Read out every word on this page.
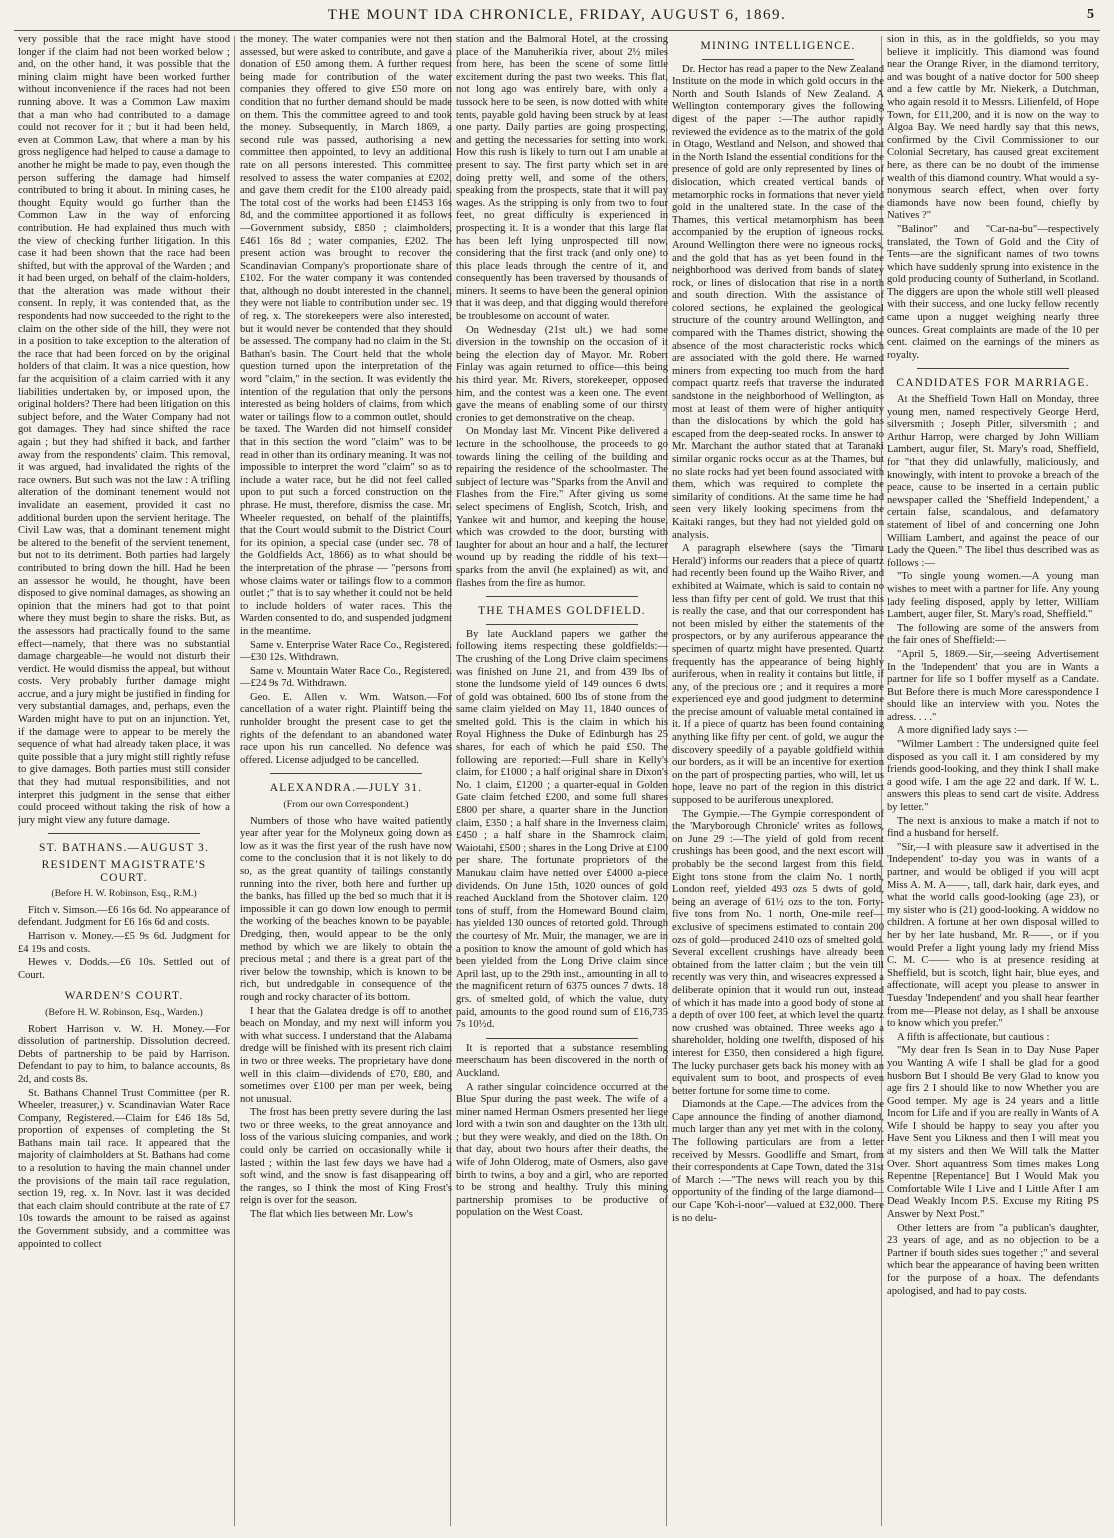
THE MOUNT IDA CHRONICLE, FRIDAY, AUGUST 6, 1869.	5

very possible that the race might have stood longer if the claim had not been worked below ; and, on the other hand, it was possible that the mining claim might have been worked further without inconvenience if the races had not been running above. It was a Common Law maxim that a man who had contributed to a damage could not recover for it ; but it had been held, even at Common Law, that where a man by his gross negligence had helped to cause a damage to another he might be made to pay, even though the person suffering the damage had himself contributed to bring it about. In mining cases, he thought Equity would go further than the Common Law in the way of enforcing contribution. He had explained thus much with the view of checking further litigation. In this case it had been shown that the race had been shifted, but with the approval of the Warden ; and it had been urged, on behalf of the claim-holders, that the alteration was made without their consent. In reply, it was contended that, as the respondents had now succeeded to the right to the claim on the other side of the hill, they were not in a position to take exception to the alteration of the race that had been forced on by the original holders of that claim. It was a nice question, how far the acquisition of a claim carried with it any liabilities undertaken by, or imposed upon, the original holders? There had been litigation on this subject before, and the Water Company had not got damages. They had since shifted the race again ; but they had shifted it back, and farther away from the respondents' claim. This removal, it was argued, had invalidated the rights of the race owners. But such was not the law : A trifling alteration of the dominant tenement would not invalidate an easement, provided it cast no additional burden upon the servient heritage. The Civil Law was, that a dominant tenement might be altered to the benefit of the servient tenement, but not to its detriment. Both parties had largely contributed to bring down the hill. Had he been an assessor he would, he thought, have been disposed to give nominal damages, as showing an opinion that the miners had got to that point where they must begin to share the risks. But, as the assessors had practically found to the same effect—namely, that there was no substantial damage chargeable—he would not disturb their verdict. He would dismiss the appeal, but without costs. Very probably further damage might accrue, and a jury might be justified in finding for very substantial damages, and, perhaps, even the Warden might have to put on an injunction. Yet, if the damage were to appear to be merely the sequence of what had already taken place, it was quite possible that a jury might still rightly refuse to give damages. Both parties must still consider that they had mutual responsibilities, and not interpret this judgment in the sense that either could proceed without taking the risk of how a jury might view any future damage.

ST. BATHANS.—AUGUST 3.
RESIDENT MAGISTRATE'S COURT.
(Before H. W. Robinson, Esq., R.M.)

Fitch v. Simson.—£6 16s 6d. No appearance of defendant. Judgment for £6 16s 6d and costs.

Harrison v. Money.—£5 9s 6d. Judgment for £4 19s and costs.

Hewes v. Dodds.—£6 10s. Settled out of Court.

WARDEN'S COURT.
(Before H. W. Robinson, Esq., Warden.)

Robert Harrison v. W. H. Money.—For dissolution of partnership. Dissolution decreed. Debts of partnership to be paid by Harrison. Defendant to pay to him, to balance accounts, 8s 2d, and costs 8s.

St. Bathans Channel Trust Committee (per R. Wheeler, treasurer,) v. Scandinavian Water Race Company, Registered.—Claim for £46 18s 5d, proportion of expenses of completing the St Bathans main tail race. It appeared that the majority of claimholders at St. Bathans had come to a resolution to having the main channel under the provisions of the main tail race regulation, section 19, reg. x. In Novr. last it was decided that each claim should contribute at the rate of £7 10s towards the amount to be raised as against the Government subsidy, and a committee was appointed to collect

the money. The water companies were not then assessed, but were asked to contribute, and gave a donation of £50 among them. A further request being made for contribution of the water companies they offered to give £50 more on condition that no further demand should be made on them. This the committee agreed to and took the money. Subsequently, in March 1869, a second rule was passed, authorising a new committee then appointed, to levy an additional rate on all persons interested. This committee resolved to assess the water companies at £202, and gave them credit for the £100 already paid. The total cost of the works had been £1453 16s 8d, and the committee apportioned it as follows—Government subsidy, £850 ; claimholders, £461 16s 8d ; water companies, £202. The present action was brought to recover the Scandinavian Company's proportionate share of £102. For the water company it was contended that, although no doubt interested in the channel, they were not liable to contribution under sec. 19 of reg. x. The storekeepers were also interested, but it would never be contended that they should be assessed. The company had no claim in the St. Bathan's basin. The Court held that the whole question turned upon the interpretation of the word "claim," in the section. It was evidently the intention of the regulation that only the persons interested as being holders of claims, from which water or tailings flow to a common outlet, should be taxed. The Warden did not himself consider that in this section the word "claim" was to be read in other than its ordinary meaning. It was not impossible to interpret the word "claim" so as to include a water race, but he did not feel called upon to put such a forced construction on the phrase. He must, therefore, dismiss the case. Mr. Wheeler requested, on behalf of the plaintiffs, that the Court would submit to the District Court for its opinion, a special case (under sec. 78 of the Goldfields Act, 1866) as to what should be the interpretation of the phrase — "persons from whose claims water or tailings flow to a common outlet ;" that is to say whether it could not be held to include holders of water races. This the Warden consented to do, and suspended judgment in the meantime.

Same v. Enterprise Water Race Co., Registered.—£30 12s. Withdrawn.

Same v. Mountain Water Race Co., Registered.—£24 9s 7d. Withdrawn.

Geo. E. Allen v. Wm. Watson.—For cancellation of a water right. Plaintiff being the runholder brought the present case to get the rights of the defendant to an abandoned water race upon his run cancelled. No defence was offered. License adjudged to be cancelled.

ALEXANDRA.—JULY 31.
(From our own Correspondent.)

Numbers of those who have waited patiently year after year for the Molyneux going down as low as it was the first year of the rush have now come to the conclusion that it is not likely to do so, as the great quantity of tailings constantly running into the river, both here and further up the banks, has filled up the bed so much that it is impossible it can go down low enough to permit the working of the beaches known to be payable. Dredging, then, would appear to be the only method by which we are likely to obtain the precious metal ; and there is a great part of the river below the township, which is known to be rich, but undredgable in consequence of the rough and rocky character of its bottom.

I hear that the Galatea dredge is off to another beach on Monday, and my next will inform you with what success. I understand that the Alabama dredge will be finished with its present rich claim in two or three weeks. The proprietary have done well in this claim—dividends of £70, £80, and sometimes over £100 per man per week, being not unusual.

The frost has been pretty severe during the last two or three weeks, to the great annoyance and loss of the various sluicing companies, and work could only be carried on occasionally while it lasted ; within the last few days we have had a soft wind, and the snow is fast disappearing off the ranges, so I think the most of King Frost's reign is over for the season.

The flat which lies between Mr. Low's

station and the Balmoral Hotel, at the crossing place of the Manuherikia river, about 2½ miles from here, has been the scene of some little excitement during the past two weeks. This flat, not long ago was entirely bare, with only a tussock here to be seen, is now dotted with white tents, payable gold having been struck by at least one party. Daily parties are going prospecting, and getting the necessaries for setting into work. How this rush is likely to turn out I am unable at present to say. The first party which set in are doing pretty well, and some of the others, speaking from the prospects, state that it will pay wages. As the stripping is only from two to four feet, no great difficulty is experienced in prospecting it. It is a wonder that this large flat has been left lying unprospected till now, considering that the first track (and only one) to this place leads through the centre of it, and consequently has been traversed by thousands of miners. It seems to have been the general opinion that it was deep, and that digging would therefore be troublesome on account of water.

On Wednesday (21st ult.) we had some diversion in the township on the occasion of it being the election day of Mayor. Mr. Robert Finlay was again returned to office—this being his third year. Mr. Rivers, storekeeper, opposed him, and the contest was a keen one. The event gave the means of enabling some of our thirsty cronies to get demonstrative on the cheap.

On Monday last Mr. Vincent Pike delivered a lecture in the schoolhouse, the proceeds to go towards lining the ceiling of the building and repairing the residence of the schoolmaster. The subject of lecture was "Sparks from the Anvil and Flashes from the Fire." After giving us some select specimens of English, Scotch, Irish, and Yankee wit and humor, and keeping the house, which was crowded to the door, bursting with laughter for about an hour and a half, the lecturer wound up by reading the riddle of his text—sparks from the anvil (he explained) as wit, and flashes from the fire as humor.

THE THAMES GOLDFIELD.

By late Auckland papers we gather the following items respecting these goldfields:—The crushing of the Long Drive claim specimens was finished on June 21, and from 439 lbs of stone the lundsome yield of 149 ounces 6 dwts. of gold was obtained. 600 lbs of stone from the same claim yielded on May 11, 1840 ounces of smelted gold. This is the claim in which his Royal Highness the Duke of Edinburgh has 25 shares, for each of which he paid £50. The following are reported:—Full share in Kelly's claim, for £1000 ; a half original share in Dixon's No. 1 claim, £1200 ; a quarter-equal in Golden Gate claim fetched £200, and some full shares £800 per share, a quarter share in the Junction claim, £350 ; a half share in the Inverness claim, £450 ; a half share in the Shamrock claim, Waiotahi, £500 ; shares in the Long Drive at £100 per share. The fortunate proprietors of the Manukau claim have netted over £4000 a-piece dividends. On June 15th, 1020 ounces of gold reached Auckland from the Shotover claim. 120 tons of stuff, from the Homeward Bound claim, has yielded 130 ounces of retorted gold. Through the courtesy of Mr. Muir, the manager, we are in a position to know the amount of gold which has been yielded from the Long Drive claim since April last, up to the 29th inst., amounting in all to the magnificent return of 6375 ounces 7 dwts. 18 grs. of smelted gold, of which the value, duty paid, amounts to the good round sum of £16,735 7s 10½d.

It is reported that a substance resembling meerschaum has been discovered in the north of Auckland.

A rather singular coincidence occurred at the Blue Spur during the past week. The wife of a miner named Herman Osmers presented her liege lord with a twin son and daughter on the 13th ult. ; but they were weakly, and died on the 18th. On that day, about two hours after their deaths, the wife of John Olderog, mate of Osmers, also gave birth to twins, a boy and a girl, who are reported to be strong and healthy. Truly this mining partnership promises to be productive of population on the West Coast.

MINING INTELLIGENCE.

Dr. Hector has read a paper to the New Zealand Institute on the mode in which gold occurs in the North and South Islands of New Zealand. A Wellington contemporary gives the following digest of the paper :—The author rapidly reviewed the evidence as to the matrix of the gold in Otago, Westland and Nelson, and showed that in the North Island the essential conditions for the presence of gold are only represented by lines of dislocation, which created vertical bands of metamorphic rocks in formations that never yield gold in the unaltered state. In the case of the Thames, this vertical metamorphism has been accompanied by the eruption of igneous rocks. Around Wellington there were no igneous rocks, and the gold that has as yet been found in the neighborhood was derived from bands of slatey rock, or lines of dislocation that rise in a north and south direction. With the assistance of colored sections, he explained the geological structure of the country around Wellington, and compared with the Thames district, showing the absence of the most characteristic rocks which are associated with the gold there. He warned miners from expecting too much from the hard compact quartz reefs that traverse the indurated sandstone in the neighborhood of Wellington, as most at least of them were of higher antiquity than the dislocations by which the gold has escaped from the deep-seated rocks. In answer to Mr. Marchant the author stated that at Taranaki similar organic rocks occur as at the Thames, but no slate rocks had yet been found associated with them, which was required to complete the similarity of conditions. At the same time he had seen very likely looking specimens from the Kaitaki ranges, but they had not yielded gold on analysis.

A paragraph elsewhere (says the 'Timaru Herald') informs our readers that a piece of quartz had recently been found up the Waiho River, and exhibited at Waimate, which is said to contain no less than fifty per cent of gold. We trust that this is really the case, and that our correspondent has not been misled by either the statements of the prospectors, or by any auriferous appearance the specimen of quartz might have presented. Quartz frequently has the appearance of being highly auriferous, when in reality it contains but little, if any, of the precious ore ; and it requires a more experienced eye and good judgment to determine the precise amount of valuable metal contained in it. If a piece of quartz has been found containing anything like fifty per cent. of gold, we augur the discovery speedily of a payable goldfield within our borders, as it will be an incentive for exertion on the part of prospecting parties, who will, let us hope, leave no part of the region in this district supposed to be auriferous unexplored.

The Gympie.—The Gympie correspondent of the 'Maryborough Chronicle' writes as follows, on June 29 :—The yield of gold from recent crushings has been good, and the next escort will probably be the second largest from this field. Eight tons stone from the claim No. 1 north, London reef, yielded 493 ozs 5 dwts of gold, being an average of 61½ ozs to the ton. Forty-five tons from No. 1 north, One-mile reef—exclusive of specimens estimated to contain 200 ozs of gold—produced 2410 ozs of smelted gold. Several excellent crushings have already been obtained from the latter claim ; but the vein till recently was very thin, and wiseacres expressed a deliberate opinion that it would run out, instead of which it has made into a good body of stone at a depth of over 100 feet, at which level the quartz now crushed was obtained. Three weeks ago a shareholder, holding one twelfth, disposed of his interest for £350, then considered a high figure. The lucky purchaser gets back his money with an equivalent sum to boot, and prospects of even better fortune for some time to come.

Diamonds at the Cape.—The advices from the Cape announce the finding of another diamond, much larger than any yet met with in the colony. The following particulars are from a letter received by Messrs. Goodliffe and Smart, from their correspondents at Cape Town, dated the 31st of March :—"The news will reach you by this opportunity of the finding of the large diamond—our Cape 'Koh-i-noor'—valued at £32,000. There is no delu-

sion in this, as in the goldfields, so you may believe it implicitly. This diamond was found near the Orange River, in the diamond territory, and was bought of a native doctor for 500 sheep and a few cattle by Mr. Niekerk, a Dutchman, who again resold it to Messrs. Lilienfeld, of Hope Town, for £11,200, and it is now on the way to Algoa Bay. We need hardly say that this news, confirmed by the Civil Commissioner to our Colonial Secretary, has caused great excitement here, as there can be no doubt of the immense wealth of this diamond country. What would a sy-nonymous search effect, when over forty diamonds have now been found, chiefly by Natives ?"

"Balinor" and "Car-na-bu"—respectively translated, the Town of Gold and the City of Tents—are the significant names of two towns which have suddenly sprung into existence in the gold producing county of Sutherland, in Scotland. The diggers are upon the whole still well pleased with their success, and one lucky fellow recently came upon a nugget weighing nearly three ounces. Great complaints are made of the 10 per cent. claimed on the earnings of the miners as royalty.

CANDIDATES FOR MARRIAGE.

At the Sheffield Town Hall on Monday, three young men, named respectively George Herd, silversmith ; Joseph Pitler, silversmith ; and Arthur Harrop, were charged by John William Lambert, augur filer, St. Mary's road, Sheffield, for "that they did unlawfully, maliciously, and knowingly, with intent to provoke a breach of the peace, cause to be inserted in a certain public newspaper called the 'Sheffield Independent,' a certain false, scandalous, and defamatory statement of libel of and concerning one John William Lambert, and against the peace of our Lady the Queen." The libel thus described was as follows :—

"To single young women.—A young man wishes to meet with a partner for life. Any young lady feeling disposed, apply by letter, William Lambert, auger filer, St. Mary's road, Sheffield."

The following are some of the answers from the fair ones of Sheffield:—

"April 5, 1869.—Sir,—seeing Advertisement In the 'Independent' that you are in Wants a partner for life so I boffer myself as a Candate. But Before there is much More caresspondence I should like an interview with you. Notes the adress. . . ."

A more dignified lady says :—

"Wilmer Lambert : The undersigned quite feel disposed as you call it. I am considered by my friends good-looking, and they think I shall make a good wife. I am the age 22 and dark. If W. L. answers this pleas to send cart de visite. Address by letter."

The next is anxious to make a match if not to find a husband for herself.

"Sir,—I with pleasure saw it advertised in the 'Independent' to-day you was in wants of a partner, and would be obliged if you will acpt Miss A. M. A——, tall, dark hair, dark eyes, and what the world calls good-looking (age 23), or my sister who is (21) good-looking. A widdow no children. A fortune at her own disposal willed to her by her late husband, Mr. R——, or if you would Prefer a light young lady my friend Miss C. M. C—— who is at presence residing at Sheffield, but is scotch, light hair, blue eyes, and affectionate, will acept you please to answer in Tuesday 'Independent' and you shall hear fearther from me—Please not delay, as I shall be anxouse to know which you prefer."

A fifth is affectionate, but cautious :

"My dear fren Is Sean in to Day Nuse Paper you Wanting A wife I shall be glad for a good husborn But I should Be very Glad to know you age firs 2 I should like to now Whether you are Good temper. My age is 24 years and a little Incom for Life and if you are really in Wants of A Wife I should be happy to seay you after you Have Sent you Likness and then I will meat you at my sisters and then We Will talk the Matter Over. Short aquantress Som times makes Long Repentne [Repentance] But I Would Mak you Comfortable Wile I Live and I Little After I am Dead Weakly Incom P.S. Excuse my Riting PS Answer by Next Post."

Other letters are from "a publican's daughter, 23 years of age, and as no objection to be a Partner if bouth sides sues together ;" and several which bear the appearance of having been written for the purpose of a hoax. The defendants apologised, and had to pay costs.
